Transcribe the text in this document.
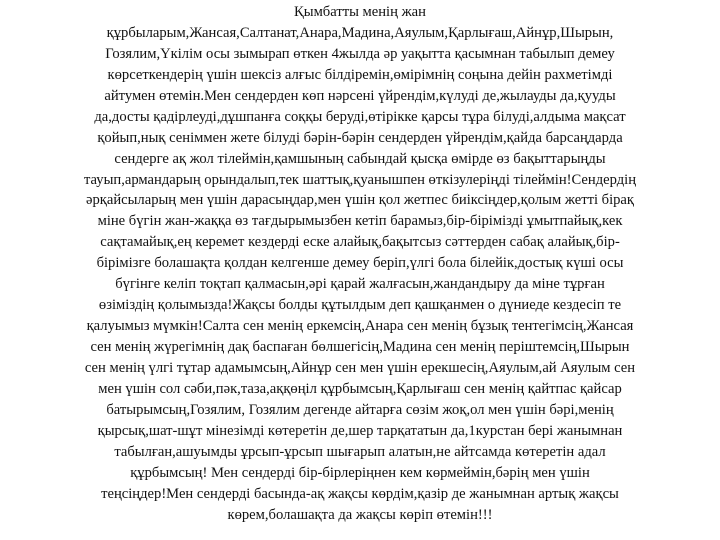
Қымбатты менің жан
құрбыларым,Жансая,Салтанат,Анара,Мадина,Аяулым,Қарлығаш,Айнұр,Шырын,
Гозялим,Үкілім осы зымырап өткен 4жылда әр уақытта қасымнан табылып демеу
көрсеткендерің үшін шексіз алғыс білдіремін,өмірімнің соңына дейін рахметімді
айтумен өтемін.Мен сендерден көп нәрсені үйрендім,күлуді де,жылауды да,қууды
да,досты қадірлеуді,дұшпанға соққы беруді,өтірікке қарсы тұра білуді,алдыма мақсат
қойып,нық сеніммен жете білуді бәрін-бәрін сендерден үйрендім,қайда барсаңдарда
сендерге ақ жол тілеймін,қамшының сабындай қысқа өмірде өз бақыттарыңды
тауып,армандарың орындалып,тек шаттық,қуанышпен өткізулерiңді тілеймін!Сендердің
әрқайсыларың мен үшін дарасыңдар,мен үшін қол жетпес биіксіңдер,қолым жетті бірақ
міне бүгін жан-жаққа өз тағдырымызбен кетіп барамыз,бір-бірімізді ұмытпайық,кек
сақтамайық,ең керемет кездерді еске алайық,бақытсыз сәттерден сабақ алайық,бір-
бірімізге болашақта қолдан келгенше демеу беріп,үлгі бола білейік,достық күші осы
бүгінге келіп тоқтап қалмасын,әрі қарай жалғасын,жандандыру да міне тұрған
өзіміздің қолымызда!Жақсы болды құтылдым деп қашқанмен о дүниеде кездесіп те
қалуымыз мүмкін!Салта сен менің еркемсің,Анара сен менің бұзық тентегімсің,Жансая
сен менің жүрегімнің дақ баспаған бөлшегісің,Мадина сен менің періштемсің,Шырын
сен менің үлгі тұтар адамымсың,Айнұр сен мен үшін ерекшесің,Аяулым,ай Аяулым сен
мен үшін сол сәби,пәк,таза,аққөңіл құрбымсың,Қарлығаш сен менің қайтпас қайсар
батырымсың,Гозялим, Гозялим дегенде айтарға сөзім жоқ,ол мен үшін бәрі,менің
қырсық,шат-шұт мінезімді көтеретін де,шер тарқататын да,1курстан бері жанымнан
табылған,ашуымды ұрсып-ұрсып шығарып алатын,не айтсамда көтеретін адал
құрбымсың! Мен сендерді бір-бірлеріңнен кем көрмеймін,бәрің мен үшін
теңсіңдер!Мен сендерді басында-ақ жақсы көрдім,қазір де жанымнан артық жақсы
көрем,болашақта да жақсы көріп өтемін!!!
